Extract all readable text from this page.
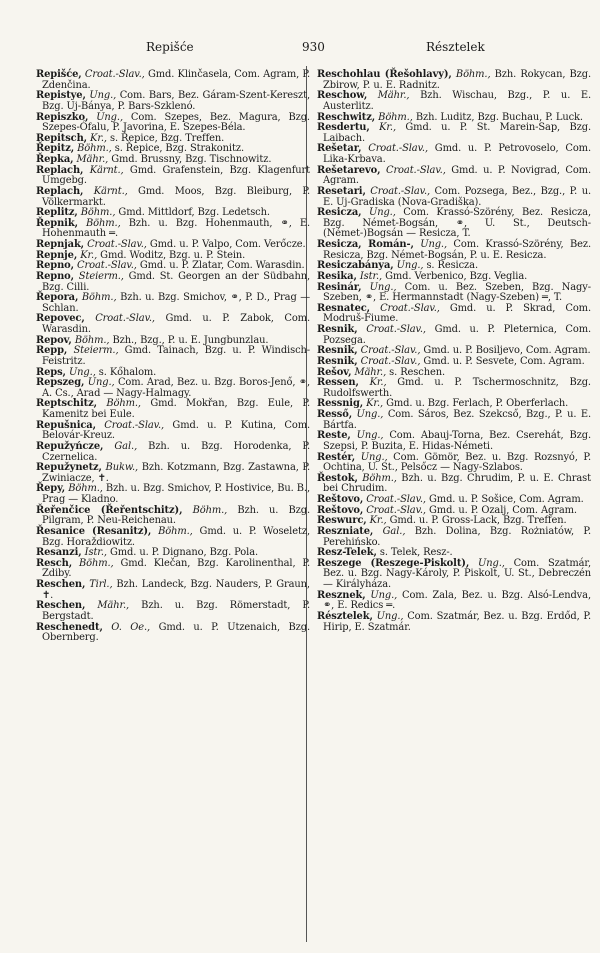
Repišće	930	Résztelek

Repišće, Croat.-Slav., Gmd. Klinčasela, Com. Agram, P. Zdenčina.

Repistye, Ung., Com. Bars, Bez. Gáram-Szent-Kereszt, Bzg. Uj-Bánya, P. Bars-Szklenó.

Repiszko, Ung., Com. Szepes, Bez. Magura, Bzg. Szepes-Ófalu, P. Javorina, E. Szepes-Béla.

Repitsch, Kr., s. Řepice, Bzg. Treffen.

Řepitz, Böhm., s. Řepice, Bzg. Strakonitz.

Řepka, Mähr., Gmd. Brussny, Bzg. Tischnowitz.

Replach, Kärnt., Gmd. Grafenstein, Bzg. Klagenfurt Umgebg.

Replach, Kärnt., Gmd. Moos, Bzg. Bleiburg, P. Völkermarkt.

Replitz, Böhm., Gmd. Mittldorf, Bzg. Ledetsch.

Řepnik, Böhm., Bzh. u. Bzg. Hohenmauth, ⚭, E. Hohenmauth ═.

Repnjak, Croat.-Slav., Gmd. u. P. Valpo, Com. Verőcze.

Repnje, Kr., Gmd. Woditz, Bzg. u. P. Stein.

Repno, Croat.-Slav., Gmd. u. P. Zlatar, Com. Warasdin.

Repno, Steierm., Gmd. St. Georgen an der Südbahn, Bzg. Cilli.

Řepora, Böhm., Bzh. u. Bzg. Smichov, ⚭, P. D., Prag — Schlan.

Repovec, Croat.-Slav., Gmd. u. P. Zabok, Com. Warasdin.

Repov, Böhm., Bzh., Bzg., P. u. E. Jungbunzlau.

Repp, Steierm., Gmd. Tainach, Bzg. u. P. Windisch-Feistritz.

Reps, Ung., s. Kőhalom.

Repszeg, Ung., Com. Arad, Bez. u. Bzg. Boros-Jenő, ⚭, A. Cs., Arad — Nagy-Halmagy.

Reptschitz, Böhm., Gmd. Mokřan, Bzg. Eule, P. Kamenitz bei Eule.

Repušnica, Croat.-Slav., Gmd. u. P. Kutina, Com. Belovár-Kreuz.

Repužyńcze, Gal., Bzh. u. Bzg. Horodenka, P. Czernelica.

Repužynetz, Bukw., Bzh. Kotzmann, Bzg. Zastawna, P. Zwiniacze, ✝.

Řepy, Böhm., Bzh. u. Bzg. Smichov, P. Hostivice, Bu. B., Prag — Kladno.

Řeřenčice (Řeřentschitz), Böhm., Bzh. u. Bzg. Pilgram, P. Neu-Reichenau.

Řesanice (Resanitz), Böhm., Gmd. u. P. Woseletz, Bzg. Horaždiowitz.

Resanzi, Istr., Gmd. u. P. Dignano, Bzg. Pola.

Resch, Böhm., Gmd. Klečan, Bzg. Karolinenthal, P. Zdiby.

Reschen, Tirl., Bzh. Landeck, Bzg. Nauders, P. Graun, ✝.

Reschen, Mähr., Bzh. u. Bzg. Römerstadt, P. Bergstadt.

Reschenedt, O. Oe., Gmd. u. P. Utzenaich, Bzg. Obernberg.

Reschohlau (Řešohlavy), Böhm., Bzh. Rokycan, Bzg. Zbirow, P. u. E. Radnitz.

Reschow, Mähr., Bzh. Wischau, Bzg., P. u. E. Austerlitz.

Reschwitz, Böhm., Bzh. Luditz, Bzg. Buchau, P. Luck.

Resdertu, Kr., Gmd. u. P. St. Marein-Sap, Bzg. Laibach.

Rešetar, Croat.-Slav., Gmd. u. P. Petrovoselo, Com. Lika-Krbava.

Rešetarevo, Croat.-Slav., Gmd. u. P. Novigrad, Com. Agram.

Resetari, Croat.-Slav., Com. Pozsega, Bez., Bzg., P. u. E. Uj-Gradiska (Nova-Gradiška).

Resicza, Ung., Com. Krassó-Szörény, Bez. Resicza, Bzg. Német-Bogsán, ⚭, U. St., Deutsch-(Német-)Bogsán — Resicza, T.

Resicza, Román-, Ung., Com. Krassó-Szörény, Bez. Resicza, Bzg. Német-Bogsán, P. u. E. Resicza.

Resiczabánya, Ung., s. Resicza.

Resika, Istr., Gmd. Verbenico, Bzg. Veglia.

Resinár, Ung., Com. u. Bez. Szeben, Bzg. Nagy-Szeben, ⚭, E. Hermannstadt (Nagy-Szeben) ═, T.

Resnatec, Croat.-Slav., Gmd. u. P. Skrad, Com. Modruš-Fiume.

Resnik, Croat.-Slav., Gmd. u. P. Pleternica, Com. Pozsega.

Resnik, Croat.-Slav., Gmd. u. P. Bosiljevo, Com. Agram.

Resnik, Croat.-Slav., Gmd. u. P. Sesvete, Com. Agram.

Rešov, Mähr., s. Reschen.

Ressen, Kr., Gmd. u. P. Tschermoschnitz, Bzg. Rudolfswerth.

Ressnig, Kr., Gmd. u. Bzg. Ferlach, P. Oberferlach.

Resső, Ung., Com. Sáros, Bez. Szekcső, Bzg., P. u. E. Bártfa.

Reste, Ung., Com. Abauj-Torna, Bez. Cserehát, Bzg. Szepsi, P. Buzita, E. Hidas-Németi.

Restér, Ung., Com. Gömör, Bez. u. Bzg. Rozsnyó, P. Ochtina, U. St., Pelsőcz — Nagy-Szlabos.

Řestok, Böhm., Bzh. u. Bzg. Chrudim, P. u. E. Chrast bei Chrudim.

Reštovo, Croat.-Slav., Gmd. u. P. Sošice, Com. Agram.

Reštovo, Croat.-Slav., Gmd. u. P. Ozalj, Com. Agram.

Reswurc, Kr., Gmd. u. P. Gross-Lack, Bzg. Treffen.

Reszniate, Gal., Bzh. Dolina, Bzg. Rożniatów, P. Perehińsko.

Resz-Telek, s. Telek, Resz-.

Reszege (Reszege-Piskolt), Ung., Com. Szatmár, Bez. u. Bzg. Nagy-Károly, P. Piskolt, U. St., Debreczén — Királyháza.

Resznek, Ung., Com. Zala, Bez. u. Bzg. Alsó-Lendva, ⚭, E. Redics ═.

Résztelek, Ung., Com. Szatmár, Bez. u. Bzg. Erdőd, P. Hirip, E. Szatmár.
